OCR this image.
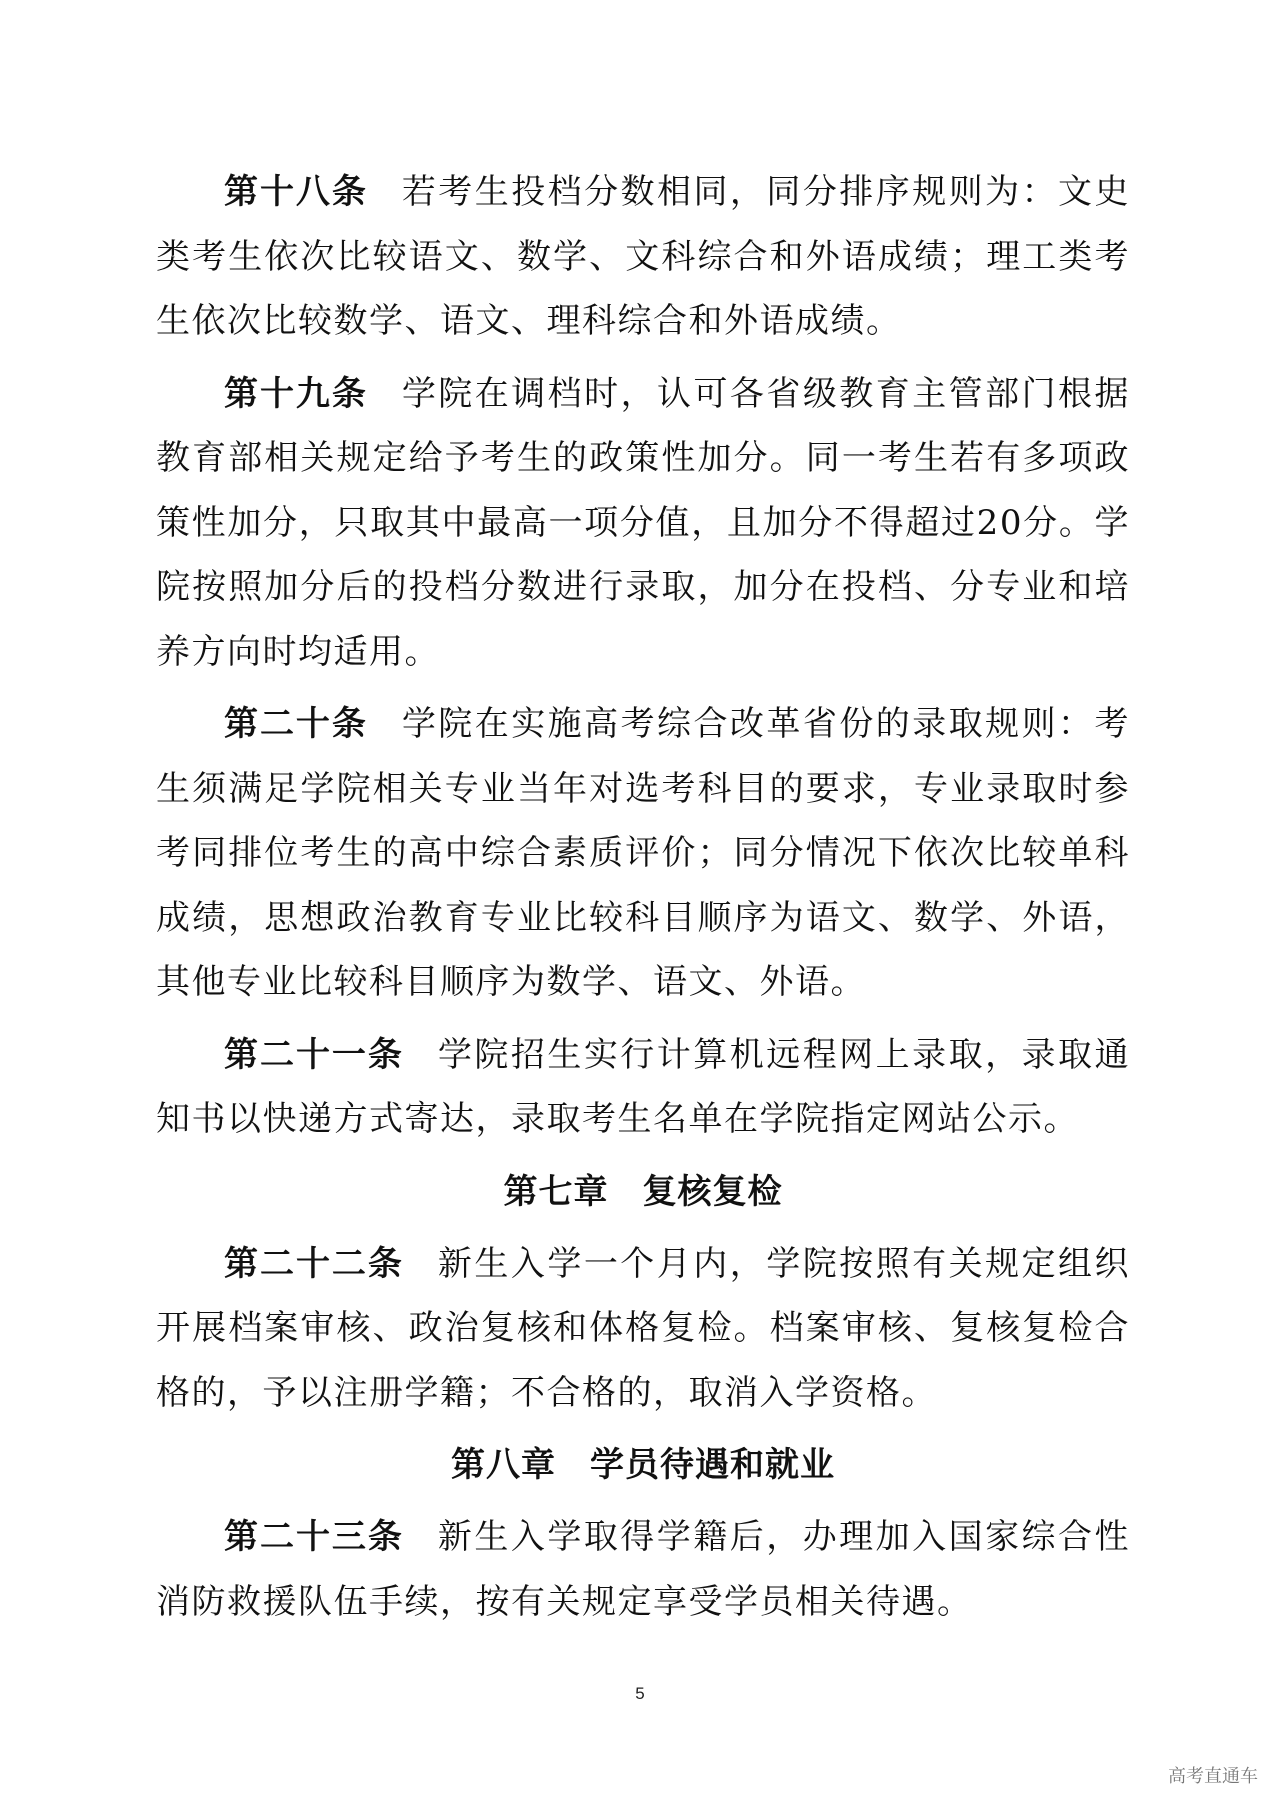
第十八条 若考生投档分数相同，同分排序规则为：文史类考生依次比较语文、数学、文科综合和外语成绩；理工类考生依次比较数学、语文、理科综合和外语成绩。

第十九条 学院在调档时，认可各省级教育主管部门根据教育部相关规定给予考生的政策性加分。同一考生若有多项政策性加分，只取其中最高一项分值，且加分不得超过20分。学院按照加分后的投档分数进行录取，加分在投档、分专业和培养方向时均适用。

第二十条 学院在实施高考综合改革省份的录取规则：考生须满足学院相关专业当年对选考科目的要求，专业录取时参考同排位考生的高中综合素质评价；同分情况下依次比较单科成绩，思想政治教育专业比较科目顺序为语文、数学、外语，其他专业比较科目顺序为数学、语文、外语。

第二十一条 学院招生实行计算机远程网上录取，录取通知书以快递方式寄达，录取考生名单在学院指定网站公示。

第七章 复核复检

第二十二条 新生入学一个月内，学院按照有关规定组织开展档案审核、政治复核和体格复检。档案审核、复核复检合格的，予以注册学籍；不合格的，取消入学资格。

第八章 学员待遇和就业

第二十三条 新生入学取得学籍后，办理加入国家综合性消防救援队伍手续，按有关规定享受学员相关待遇。

5
高考直通车
